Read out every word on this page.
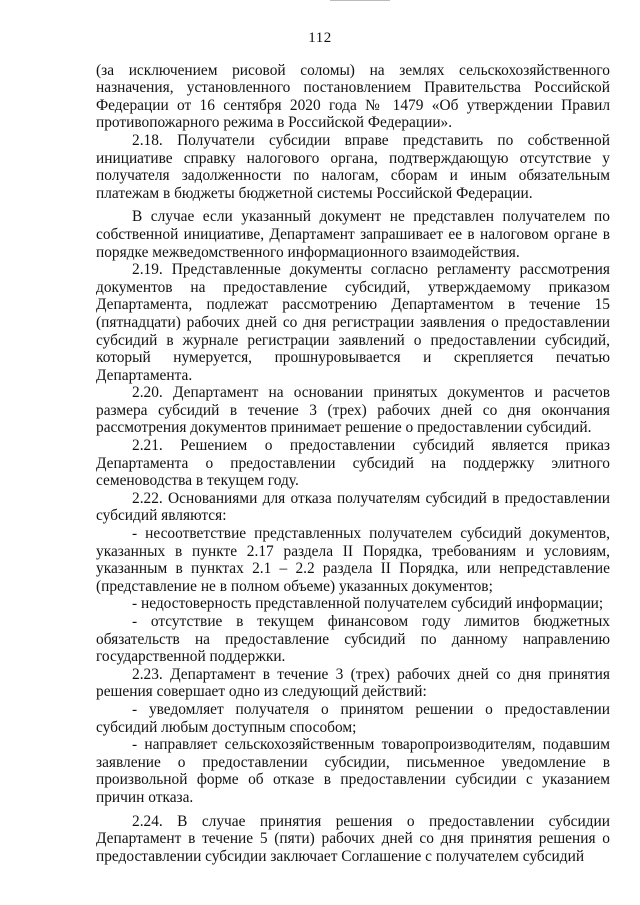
112

(за исключением рисовой соломы) на землях сельскохозяйственного назначения, установленного постановлением Правительства Российской Федерации от 16 сентября 2020 года № 1479 «Об утверждении Правил противопожарного режима в Российской Федерации».

2.18. Получатели субсидии вправе представить по собственной инициативе справку налогового органа, подтверждающую отсутствие у получателя задолженности по налогам, сборам и иным обязательным платежам в бюджеты бюджетной системы Российской Федерации.

В случае если указанный документ не представлен получателем по собственной инициативе, Департамент запрашивает ее в налоговом органе в порядке межведомственного информационного взаимодействия.

2.19. Представленные документы согласно регламенту рассмотрения документов на предоставление субсидий, утверждаемому приказом Департамента, подлежат рассмотрению Департаментом в течение 15 (пятнадцати) рабочих дней со дня регистрации заявления о предоставлении субсидий в журнале регистрации заявлений о предоставлении субсидий, который нумеруется, прошнуровывается и скрепляется печатью Департамента.

2.20. Департамент на основании принятых документов и расчетов размера субсидий в течение 3 (трех) рабочих дней со дня окончания рассмотрения документов принимает решение о предоставлении субсидий.

2.21. Решением о предоставлении субсидий является приказ Департамента о предоставлении субсидий на поддержку элитного семеноводства в текущем году.

2.22. Основаниями для отказа получателям субсидий в предоставлении субсидий являются:

- несоответствие представленных получателем субсидий документов, указанных в пункте 2.17 раздела II Порядка, требованиям и условиям, указанным в пунктах 2.1 – 2.2 раздела II Порядка, или непредставление (представление не в полном объеме) указанных документов;

- недостоверность представленной получателем субсидий информации;

- отсутствие в текущем финансовом году лимитов бюджетных обязательств на предоставление субсидий по данному направлению государственной поддержки.

2.23. Департамент в течение 3 (трех) рабочих дней со дня принятия решения совершает одно из следующий действий:

- уведомляет получателя о принятом решении о предоставлении субсидий любым доступным способом;

- направляет сельскохозяйственным товаропроизводителям, подавшим заявление о предоставлении субсидии, письменное уведомление в произвольной форме об отказе в предоставлении субсидии с указанием причин отказа.

2.24. В случае принятия решения о предоставлении субсидии Департамент в течение 5 (пяти) рабочих дней со дня принятия решения о предоставлении субсидии заключает Соглашение с получателем субсидий
